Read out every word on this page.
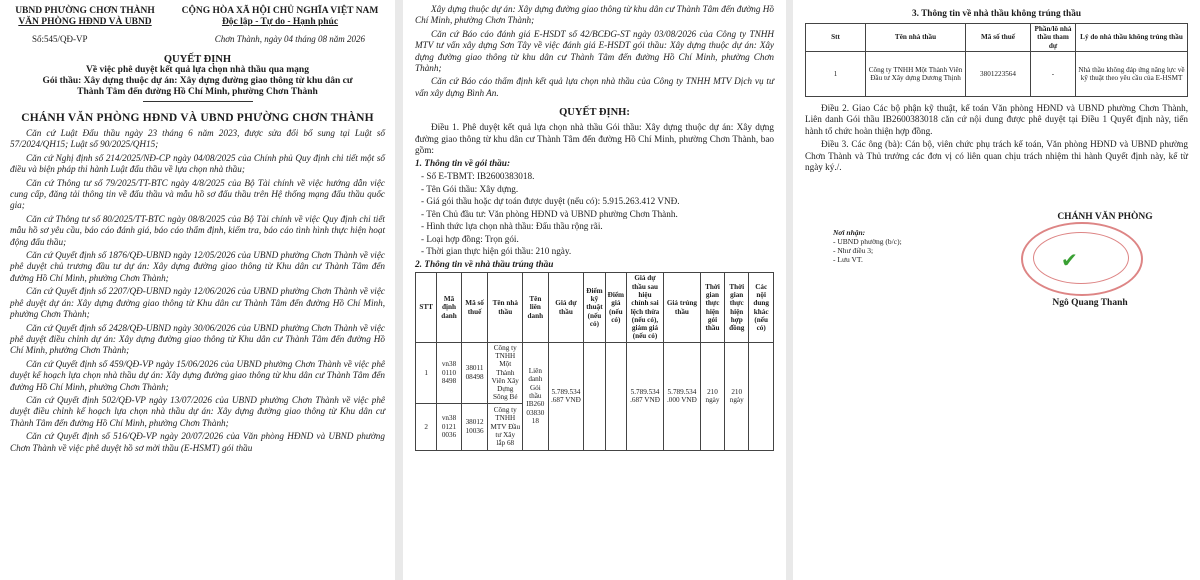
UBND PHƯỜNG CHƠN THÀNH
VĂN PHÒNG HĐND VÀ UBND
CỘNG HÒA XÃ HỘI CHỦ NGHĨA VIỆT NAM
Độc lập - Tự do - Hạnh phúc
Số:545/QĐ-VP	Chơn Thành, ngày 04 tháng 08 năm 2026
QUYẾT ĐỊNH
Về việc phê duyệt kết quả lựa chọn nhà thầu qua mạng
Gói thầu: Xây dựng thuộc dự án: Xây dựng đường giao thông từ khu dân cư
Thành Tâm đến đường Hồ Chí Minh, phường Chơn Thành
CHÁNH VĂN PHÒNG HĐND VÀ UBND PHƯỜNG CHƠN THÀNH

Căn cứ Luật Đấu thầu ngày 23 tháng 6 năm 2023, được sửa đổi bổ sung tại Luật số 57/2024/QH15; Luật số 90/2025/QH15;

Căn cứ Nghị định số 214/2025/NĐ-CP ngày 04/08/2025 của Chính phủ Quy định chi tiết một số điều và biện pháp thi hành Luật đấu thầu về lựa chọn nhà thầu;

Căn cứ Thông tư số 79/2025/TT-BTC ngày 4/8/2025 của Bộ Tài chính về việc hướng dẫn việc cung cấp, đăng tải thông tin về đấu thầu và mẫu hồ sơ đấu thầu trên Hệ thống mạng đấu thầu quốc gia;

Căn cứ Thông tư số 80/2025/TT-BTC ngày 08/8/2025 của Bộ Tài chính về việc Quy định chi tiết mẫu hồ sơ yêu cầu, báo cáo đánh giá, báo cáo thẩm định, kiểm tra, báo cáo tình hình thực hiện hoạt động đấu thầu;

Căn cứ Quyết định số 1876/QĐ-UBND ngày 12/05/2026 của UBND phường Chơn Thành về việc phê duyệt chủ trương đầu tư dự án: Xây dựng đường giao thông từ Khu dân cư Thành Tâm đến đường Hồ Chí Minh, phường Chơn Thành;

Căn cứ Quyết định số 2207/QĐ-UBND ngày 12/06/2026 của UBND phường Chơn Thành về việc phê duyệt dự án: Xây dựng đường giao thông từ Khu dân cư Thành Tâm đến đường Hồ Chí Minh, phường Chơn Thành;

Căn cứ Quyết định số 2428/QĐ-UBND ngày 30/06/2026 của UBND phường Chơn Thành về việc phê duyệt điều chỉnh dự án: Xây dựng đường giao thông từ Khu dân cư Thành Tâm đến đường Hồ Chí Minh, phường Chơn Thành;

Căn cứ Quyết định số 459/QĐ-VP ngày 15/06/2026 của UBND phường Chơn Thành về việc phê duyệt kế hoạch lựa chọn nhà thầu dự án: Xây dựng đường giao thông từ khu dân cư Thành Tâm đến đường Hồ Chí Minh, phường Chơn Thành;

Căn cứ Quyết định 502/QĐ-VP ngày 13/07/2026 của UBND phường Chơn Thành về việc phê duyệt điều chỉnh kế hoạch lựa chọn nhà thầu dự án: Xây dựng đường giao thông từ Khu dân cư Thành Tâm đến đường Hồ Chí Minh, phường Chơn Thành;

Căn cứ Quyết định số 516/QĐ-VP ngày 20/07/2026 của Văn phòng HĐND và UBND phường Chơn Thành về việc phê duyệt hồ sơ mời thầu (E-HSMT) gói thầu

Xây dựng thuộc dự án: Xây dựng đường giao thông từ khu dân cư Thành Tâm đến đường Hồ Chí Minh, phường Chơn Thành;

Căn cứ Báo cáo đánh giá E-HSDT số 42/BCĐG-ST ngày 03/08/2026 của Công ty TNHH MTV tư vấn xây dựng Sơn Tây về việc đánh giá E-HSDT gói thầu: Xây dựng thuộc dự án: Xây dựng đường giao thông từ khu dân cư Thành Tâm đến đường Hồ Chí Minh, phường Chơn Thành;

Căn cứ Báo cáo thẩm định kết quả lựa chọn nhà thầu của Công ty TNHH MTV Dịch vụ tư vấn xây dựng Bình An.

QUYẾT ĐỊNH:

Điều 1. Phê duyệt kết quả lựa chọn nhà thầu Gói thầu: Xây dựng thuộc dự án: Xây dựng đường giao thông từ khu dân cư Thành Tâm đến đường Hồ Chí Minh, phường Chơn Thành, bao gồm:

1. Thông tin về gói thầu:
- Số E-TBMT: IB2600383018.
- Tên Gói thầu: Xây dựng.
- Giá gói thầu hoặc dự toán được duyệt (nếu có): 5.915.263.412 VNĐ.
- Tên Chủ đầu tư: Văn phòng HĐND và UBND phường Chơn Thành.
- Hình thức lựa chọn nhà thầu: Đấu thầu rộng rãi.
- Loại hợp đồng: Trọn gói.
- Thời gian thực hiện gói thầu: 210 ngày.
2. Thông tin về nhà thầu trúng thầu
STT	Mã định danh	Mã số thuế	Tên nhà thầu	Tên liên danh	Giá dự thầu	Điểm kỹ thuật (nếu có)	Điểm giá (nếu có)	Giá dự thầu sau hiệu chỉnh sai lệch thừa (nếu có), giảm giá (nếu có)	Giá trúng thầu	Thời gian thực hiện gói thầu	Thời gian thực hiện hợp đồng	Các nội dung khác (nếu có)
1	vn38 0110 8498	38011 08498	Công ty TNHH Một Thành Viên Xây Dựng Sông Bé	Liên danh Gói thầu IB260 03830 18	5.789.534 .687 VNĐ			5.789.534 .687 VNĐ	5.789.534 .000 VNĐ	210 ngày	210 ngày	
2	vn38 0121 0036	38012 10036	Công ty TNHH MTV Đầu tư Xây lắp 68									
3. Thông tin về nhà thầu không trúng thầu
Stt	Tên nhà thầu	Mã số thuế	Phần/lô nhà thầu tham dự	Lý do nhà thầu không trúng thầu
1	Công ty TNHH Một Thành Viên Đầu tư Xây dựng Dương Thịnh	3801223564	-	Nhà thầu không đáp ứng năng lực về kỹ thuật theo yêu cầu của E-HSMT

Điều 2. Giao Các bộ phận kỹ thuật, kế toán Văn phòng HĐND và UBND phường Chơn Thành, Liên danh Gói thầu IB2600383018 căn cứ nội dung được phê duyệt tại Điều 1 Quyết định này, tiến hành tổ chức hoàn thiện hợp đồng.

Điều 3. Các ông (bà): Cán bộ, viên chức phụ trách kế toán, Văn phòng HĐND và UBND phường Chơn Thành và Thủ trưởng các đơn vị có liên quan chịu trách nhiệm thi hành Quyết định này, kể từ ngày ký./.

Nơi nhận:
- UBND phường (b/c);
- Như điều 3;
- Lưu VT.
CHÁNH VĂN PHÒNG
✔
Ngô Quang Thanh
